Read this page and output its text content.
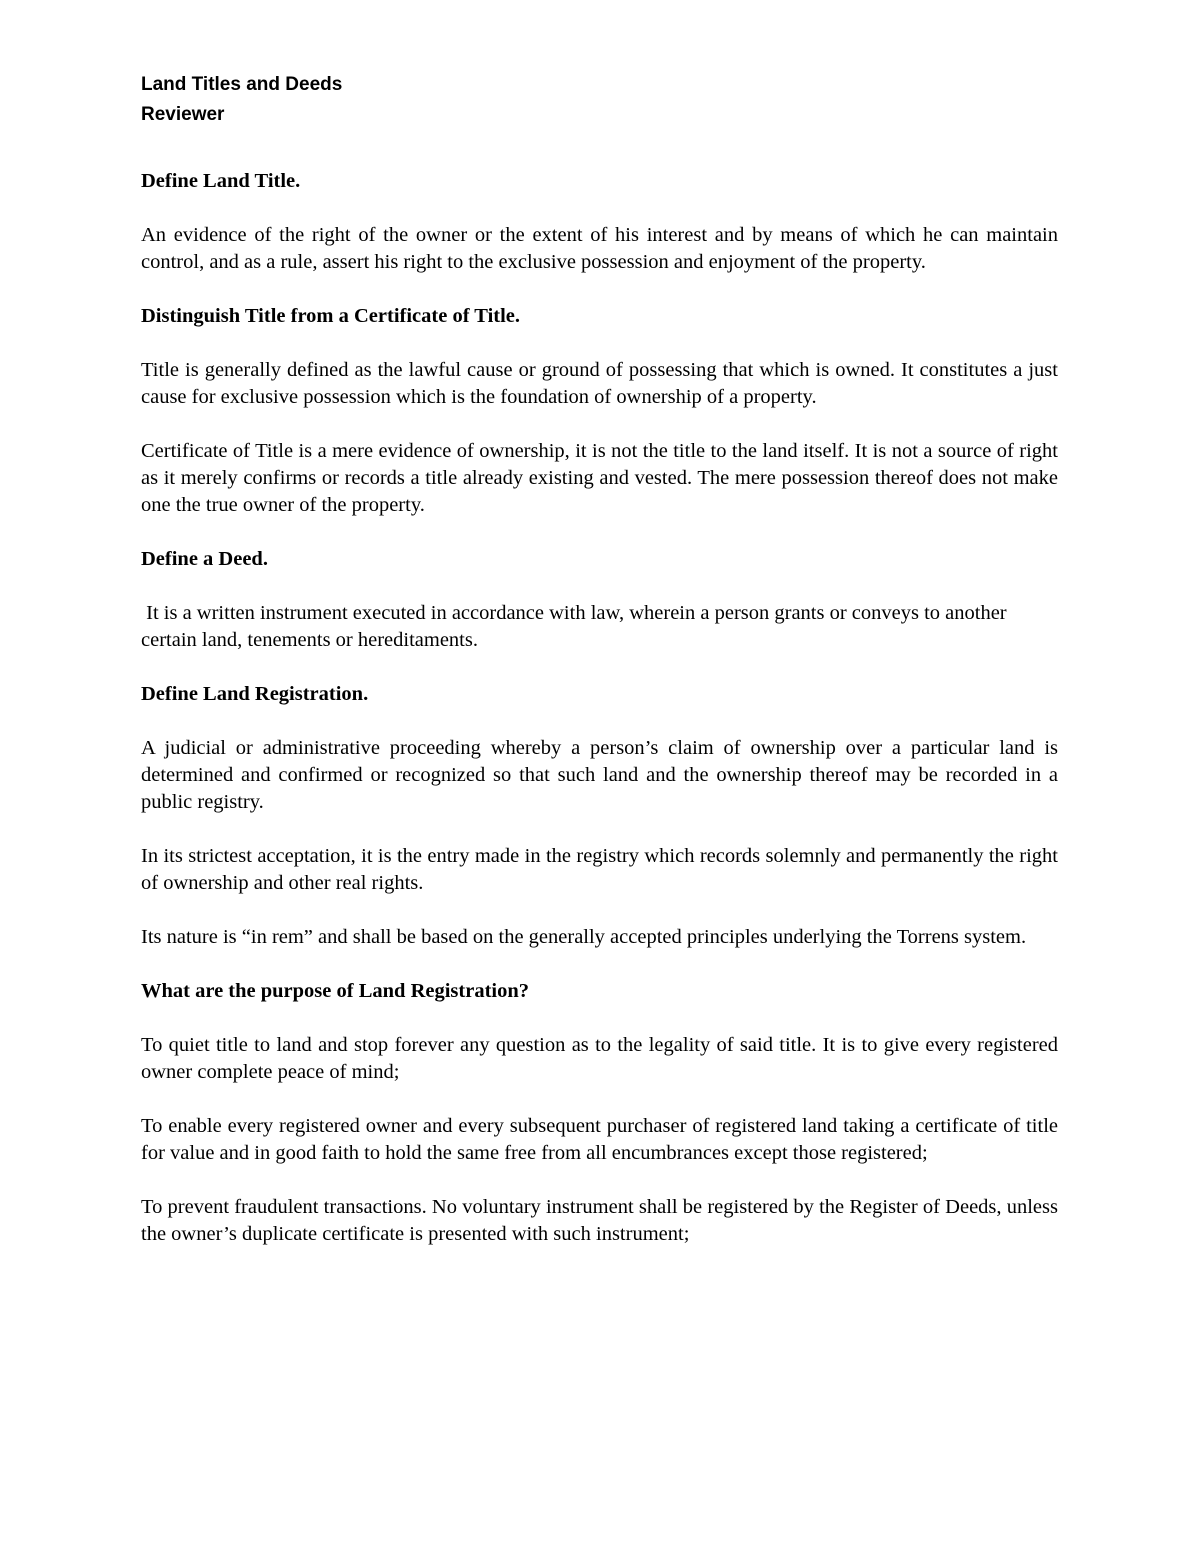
Land Titles and Deeds
Reviewer
Define Land Title.

An evidence of the right of the owner or the extent of his interest and by means of which he can maintain control, and as a rule, assert his right to the exclusive possession and enjoyment of the property.

Distinguish Title from a Certificate of Title.

Title is generally defined as the lawful cause or ground of possessing that which is owned. It constitutes a just cause for exclusive possession which is the foundation of ownership of a property.

Certificate of Title is a mere evidence of ownership, it is not the title to the land itself. It is not a source of right as it merely confirms or records a title already existing and vested. The mere possession thereof does not make one the true owner of the property.

Define a Deed.

It is a written instrument executed in accordance with law, wherein a person grants or conveys to another certain land, tenements or hereditaments.

Define Land Registration.

A judicial or administrative proceeding whereby a person’s claim of ownership over a particular land is determined and confirmed or recognized so that such land and the ownership thereof may be recorded in a public registry.

In its strictest acceptation, it is the entry made in the registry which records solemnly and permanently the right of ownership and other real rights.

Its nature is “in rem” and shall be based on the generally accepted principles underlying the Torrens system.

What are the purpose of Land Registration?

To quiet title to land and stop forever any question as to the legality of said title. It is to give every registered owner complete peace of mind;

To enable every registered owner and every subsequent purchaser of registered land taking a certificate of title for value and in good faith to hold the same free from all encumbrances except those registered;

To prevent fraudulent transactions. No voluntary instrument shall be registered by the Register of Deeds, unless the owner’s duplicate certificate is presented with such instrument;
